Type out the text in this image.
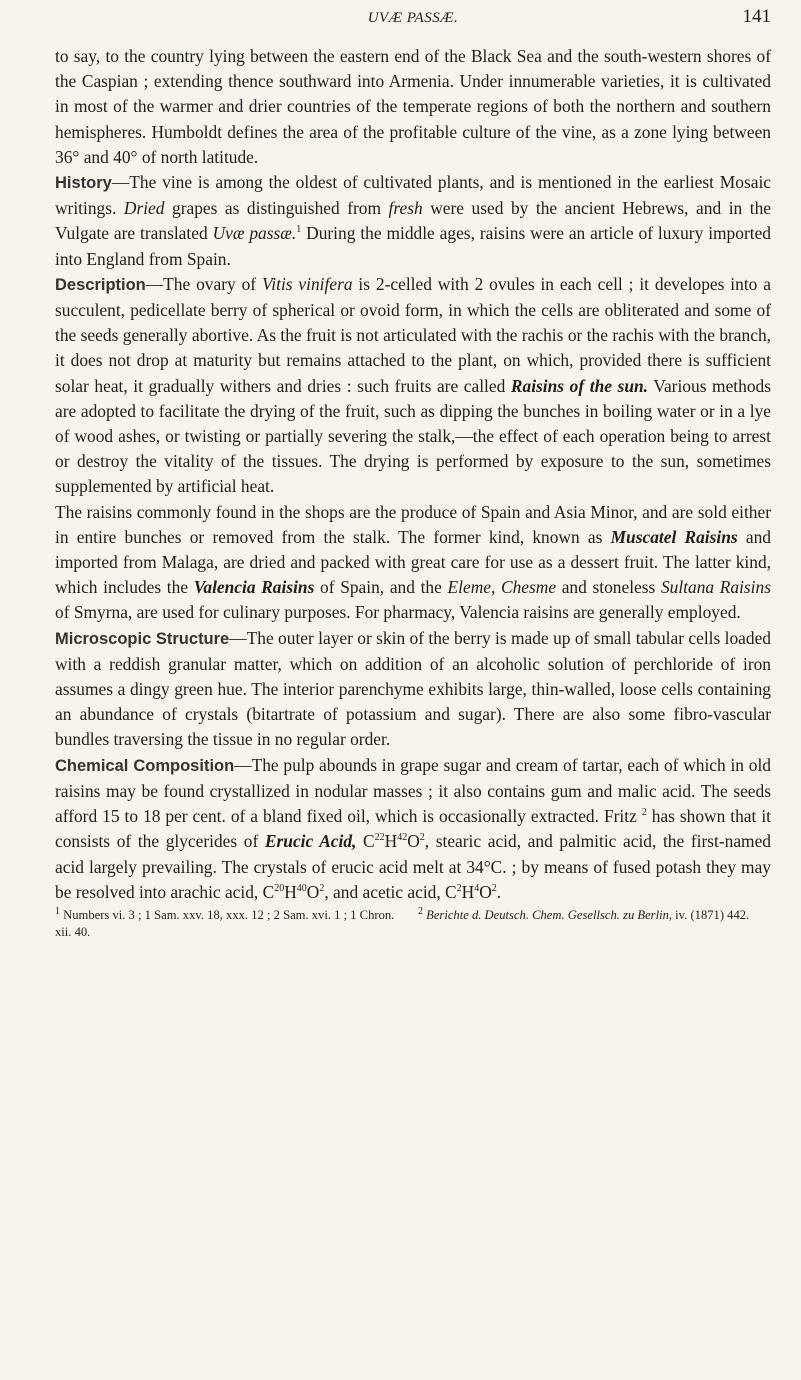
UVÆ PASSÆ.	141

to say, to the country lying between the eastern end of the Black Sea and the south-western shores of the Caspian ; extending thence southward into Armenia. Under innumerable varieties, it is cultivated in most of the warmer and drier countries of the temperate regions of both the northern and southern hemispheres. Humboldt defines the area of the profitable culture of the vine, as a zone lying between 36° and 40° of north latitude.

History—The vine is among the oldest of cultivated plants, and is mentioned in the earliest Mosaic writings. Dried grapes as distinguished from fresh were used by the ancient Hebrews, and in the Vulgate are translated Uvæ passæ.$^1$ During the middle ages, raisins were an article of luxury imported into England from Spain.

Description—The ovary of Vitis vinifera is 2-celled with 2 ovules in each cell ; it developes into a succulent, pedicellate berry of spherical or ovoid form, in which the cells are obliterated and some of the seeds generally abortive. As the fruit is not articulated with the rachis or the rachis with the branch, it does not drop at maturity but remains attached to the plant, on which, provided there is sufficient solar heat, it gradually withers and dries : such fruits are called Raisins of the sun. Various methods are adopted to facilitate the drying of the fruit, such as dipping the bunches in boiling water or in a lye of wood ashes, or twisting or partially severing the stalk,—the effect of each operation being to arrest or destroy the vitality of the tissues. The drying is performed by exposure to the sun, sometimes supplemented by artificial heat.

The raisins commonly found in the shops are the produce of Spain and Asia Minor, and are sold either in entire bunches or removed from the stalk. The former kind, known as Muscatel Raisins and imported from Malaga, are dried and packed with great care for use as a dessert fruit. The latter kind, which includes the Valencia Raisins of Spain, and the Eleme, Chesme and stoneless Sultana Raisins of Smyrna, are used for culinary purposes. For pharmacy, Valencia raisins are generally employed.

Microscopic Structure—The outer layer or skin of the berry is made up of small tabular cells loaded with a reddish granular matter, which on addition of an alcoholic solution of perchloride of iron assumes a dingy green hue. The interior parenchyme exhibits large, thin-walled, loose cells containing an abundance of crystals (bitartrate of potassium and sugar). There are also some fibro-vascular bundles traversing the tissue in no regular order.

Chemical Composition—The pulp abounds in grape sugar and cream of tartar, each of which in old raisins may be found crystallized in nodular masses ; it also contains gum and malic acid. The seeds afford 15 to 18 per cent. of a bland fixed oil, which is occasionally extracted. Fritz $^2$ has shown that it consists of the glycerides of Erucic Acid, $C^{22}H^{42}O^2$, stearic acid, and palmitic acid, the first-named acid largely prevailing. The crystals of erucic acid melt at 34°C. ; by means of fused potash they may be resolved into arachic acid, $C^{20}H^{40}O^2$, and acetic acid, $C^2H^4O^2$.

$^1$ Numbers vi. 3 ; 1 Sam. xxv. 18, xxx. 12 ; 2 Sam. xvi. 1 ; 1 Chron. xii. 40.
$^2$ Berichte d. Deutsch. Chem. Gesellsch. zu Berlin, iv. (1871) 442.
